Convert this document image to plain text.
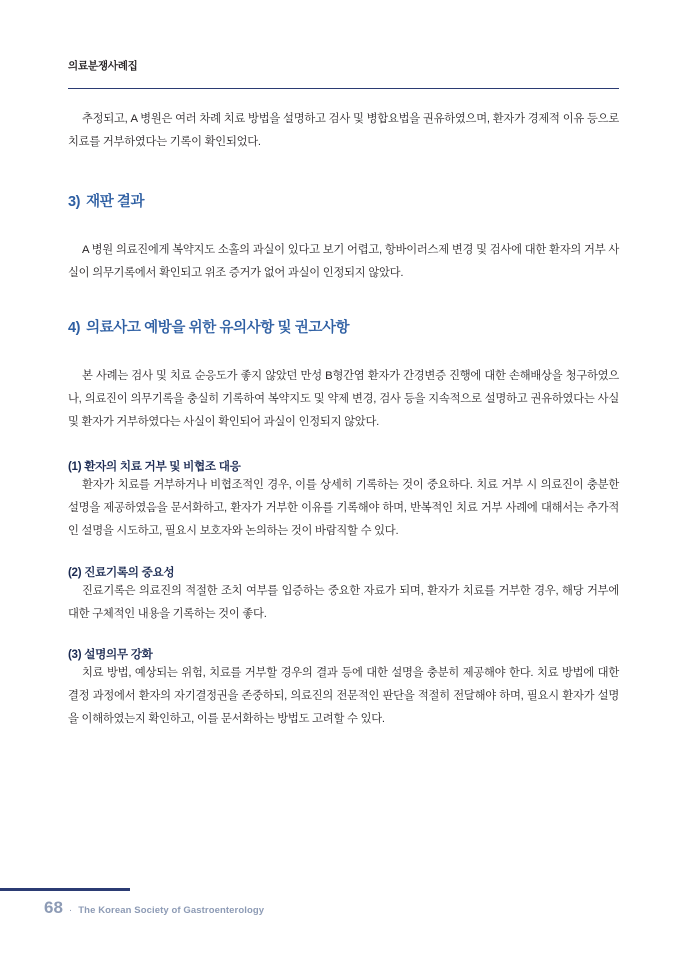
의료분쟁사례집

추정되고, A 병원은 여러 차례 치료 방법을 설명하고 검사 및 병합요법을 권유하였으며, 환자가 경제적 이유 등으로 치료를 거부하였다는 기록이 확인되었다.

3) 재판 결과

A 병원 의료진에게 복약지도 소홀의 과실이 있다고 보기 어렵고, 항바이러스제 변경 및 검사에 대한 환자의 거부 사실이 의무기록에서 확인되고 위조 증거가 없어 과실이 인정되지 않았다.

4) 의료사고 예방을 위한 유의사항 및 권고사항

본 사례는 검사 및 치료 순응도가 좋지 않았던 만성 B형간염 환자가 간경변증 진행에 대한 손해배상을 청구하였으나, 의료진이 의무기록을 충실히 기록하여 복약지도 및 약제 변경, 검사 등을 지속적으로 설명하고 권유하였다는 사실 및 환자가 거부하였다는 사실이 확인되어 과실이 인정되지 않았다.

(1) 환자의 치료 거부 및 비협조 대응

환자가 치료를 거부하거나 비협조적인 경우, 이를 상세히 기록하는 것이 중요하다. 치료 거부 시 의료진이 충분한 설명을 제공하였음을 문서화하고, 환자가 거부한 이유를 기록해야 하며, 반복적인 치료 거부 사례에 대해서는 추가적인 설명을 시도하고, 필요시 보호자와 논의하는 것이 바람직할 수 있다.

(2) 진료기록의 중요성

진료기록은 의료진의 적절한 조치 여부를 입증하는 중요한 자료가 되며, 환자가 치료를 거부한 경우, 해당 거부에 대한 구체적인 내용을 기록하는 것이 좋다.

(3) 설명의무 강화

치료 방법, 예상되는 위험, 치료를 거부할 경우의 결과 등에 대한 설명을 충분히 제공해야 한다. 치료 방법에 대한 결정 과정에서 환자의 자기결정권을 존중하되, 의료진의 전문적인 판단을 적절히 전달해야 하며, 필요시 환자가 설명을 이해하였는지 확인하고, 이를 문서화하는 방법도 고려할 수 있다.

68 · The Korean Society of Gastroenterology
